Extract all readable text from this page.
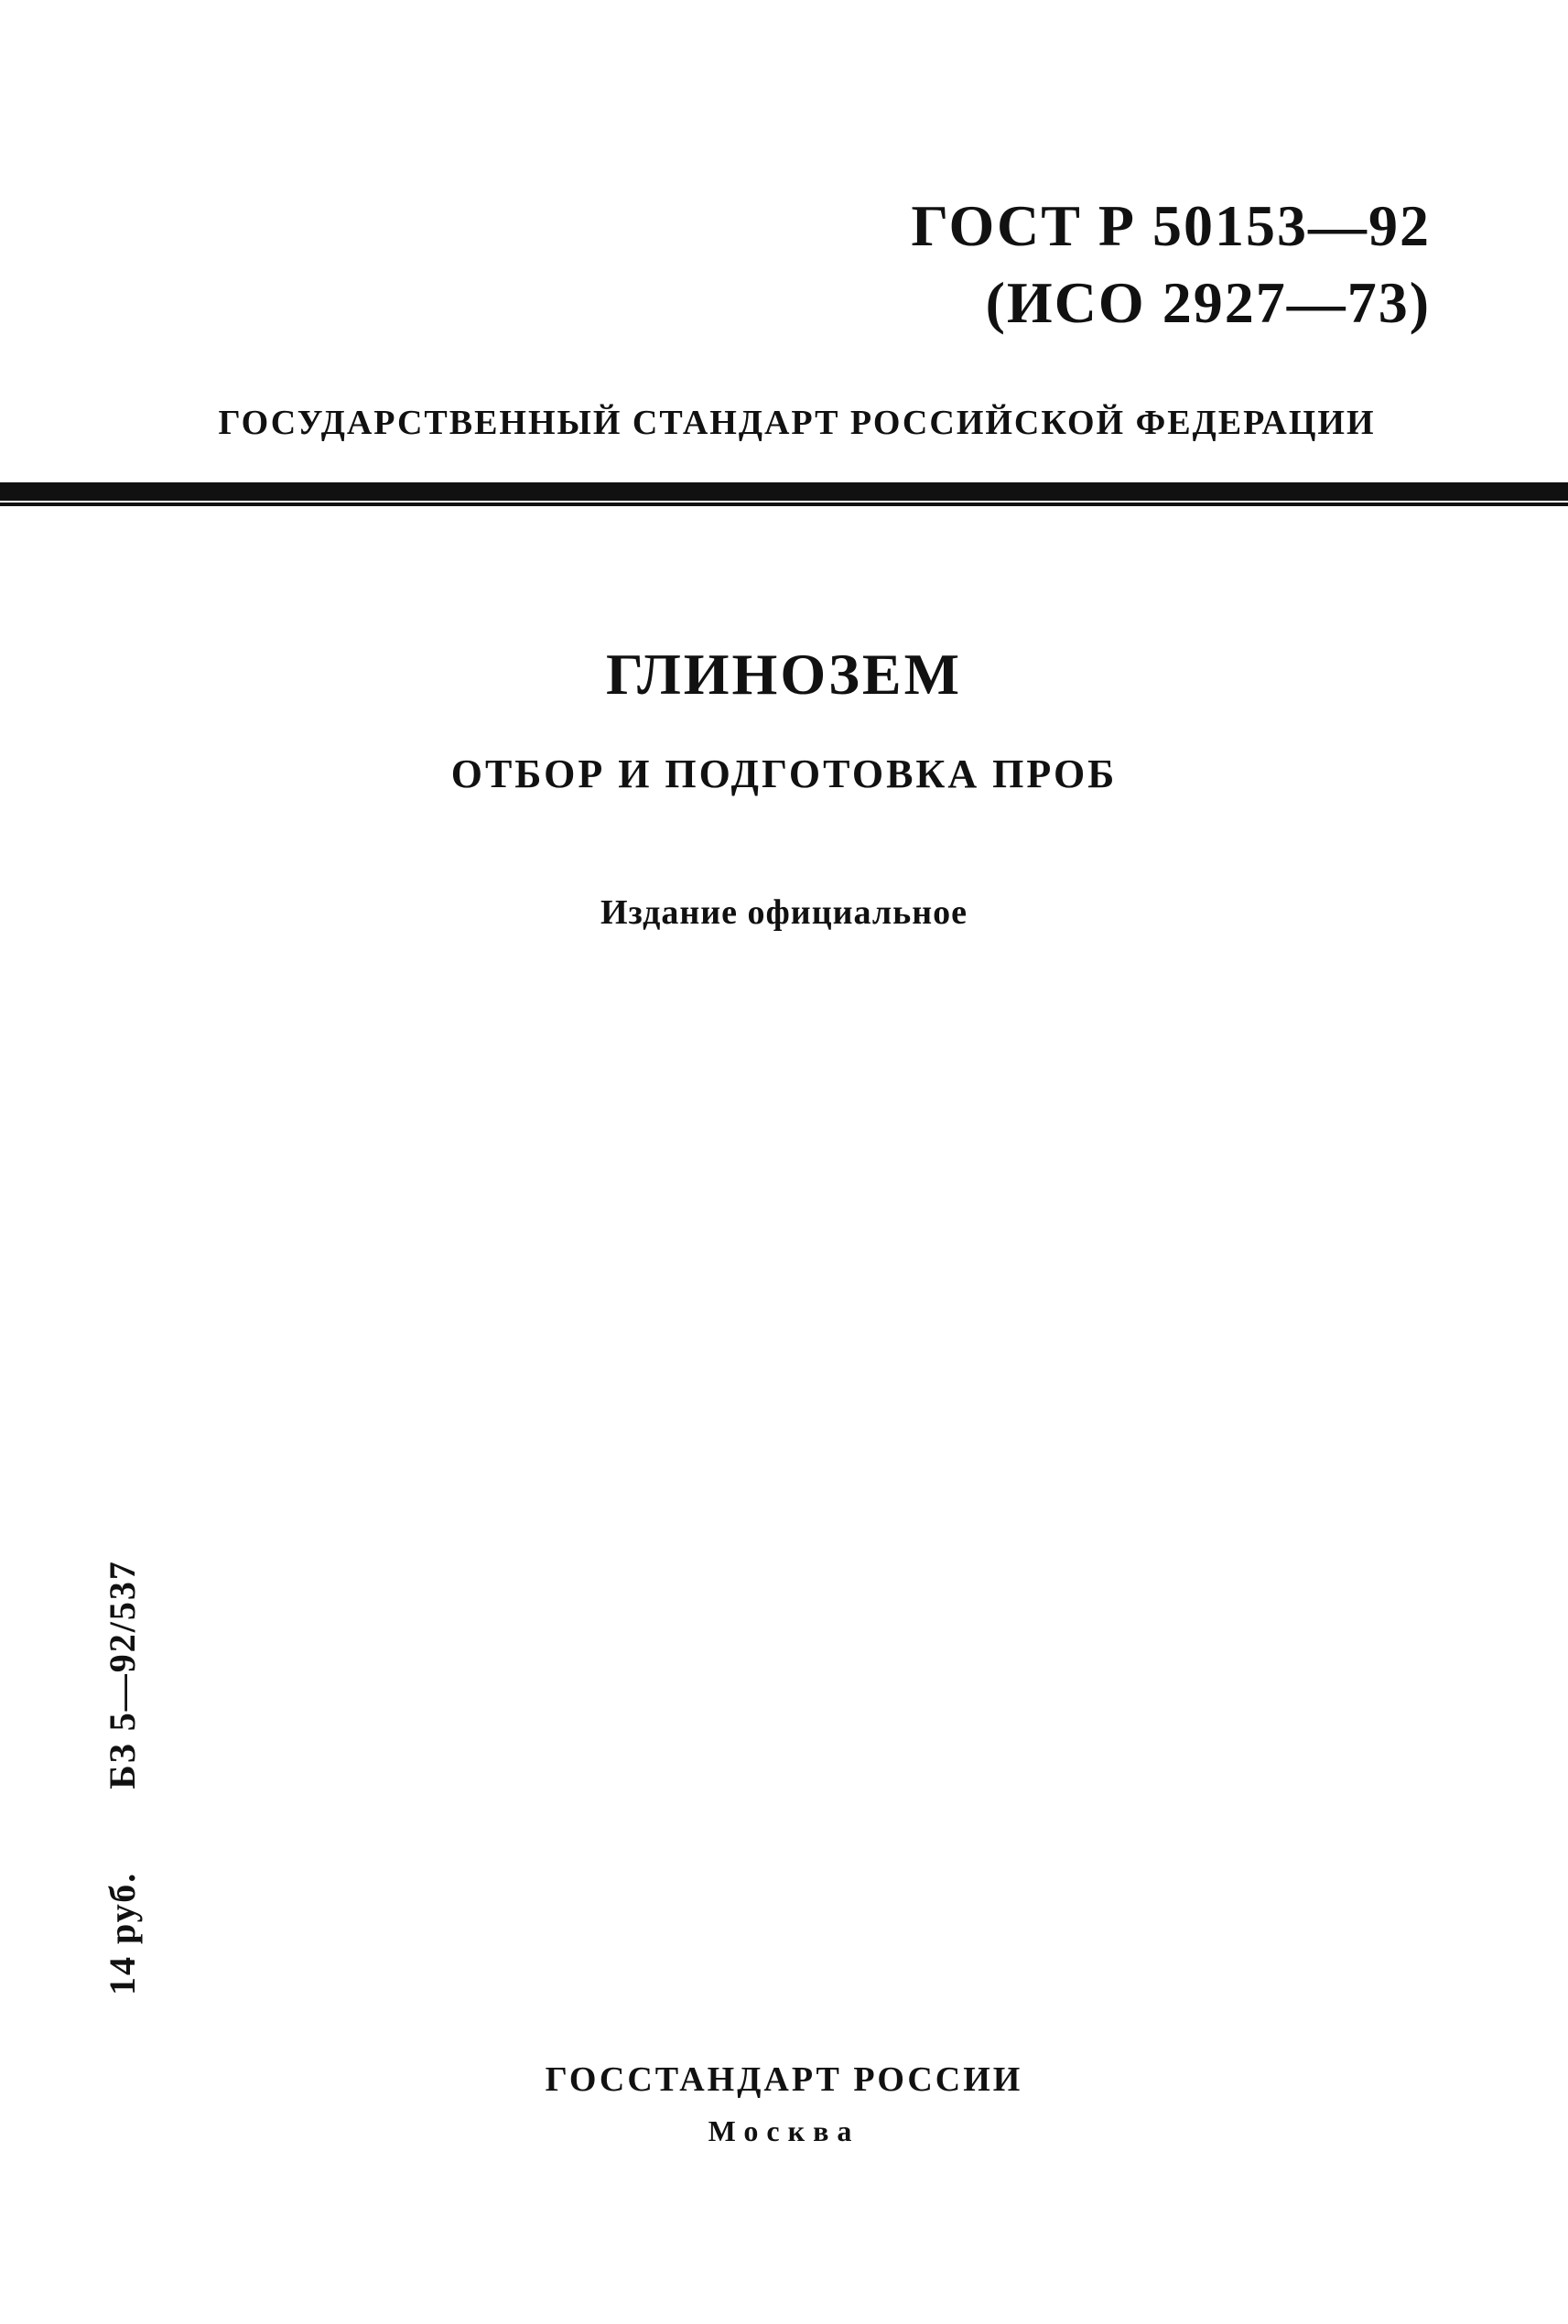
ГОСТ Р 50153—92
(ИСО 2927—73)
ГОСУДАРСТВЕННЫЙ СТАНДАРТ РОССИЙСКОЙ ФЕДЕРАЦИИ
ГЛИНОЗЕМ
ОТБОР И ПОДГОТОВКА ПРОБ
Издание официальное
14 руб.БЗ 5—92/537
ГОССТАНДАРТ РОССИИ
Москва
